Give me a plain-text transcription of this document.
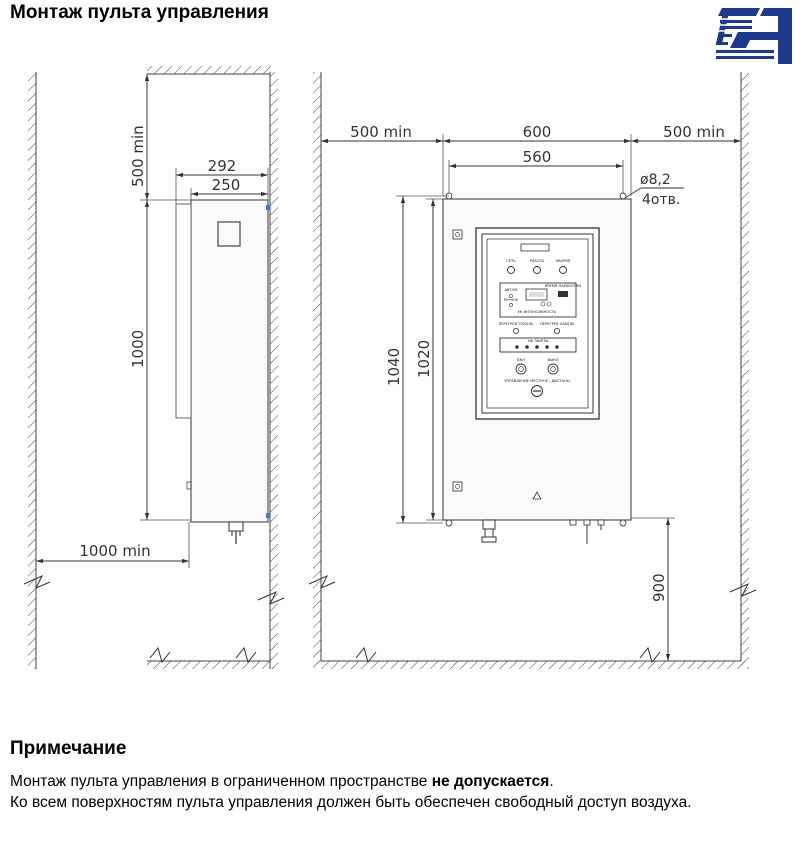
Монтаж пульта управления
500 min	292
250
1000
1000 min
500 min	600	500 min
560
ø8,2
4отв.
СЕТЬ	РАБОТА	АВАРИЯ
ВРЕМЯ НАРАБОТКИ
АВТОМ
РУЧНОЕ
УК ИНТЕНСИВНОСТЬ
ПЕРЕГРЕВ ТОКАЛЬ ПЕРЕГРЕВ ЛАМПЫ
УФ ЛАМПЫ
ВКЛ	ВЫКЛ
УПРАВЛЕНИЕ МЕСТНОЕ / ДИСТАНЦ
1040 1020
900
Примечание

Монтаж пульта управления в ограниченном пространстве не допускается.

Ко всем поверхностям пульта управления должен быть обеспечен свободный доступ воздуха.
